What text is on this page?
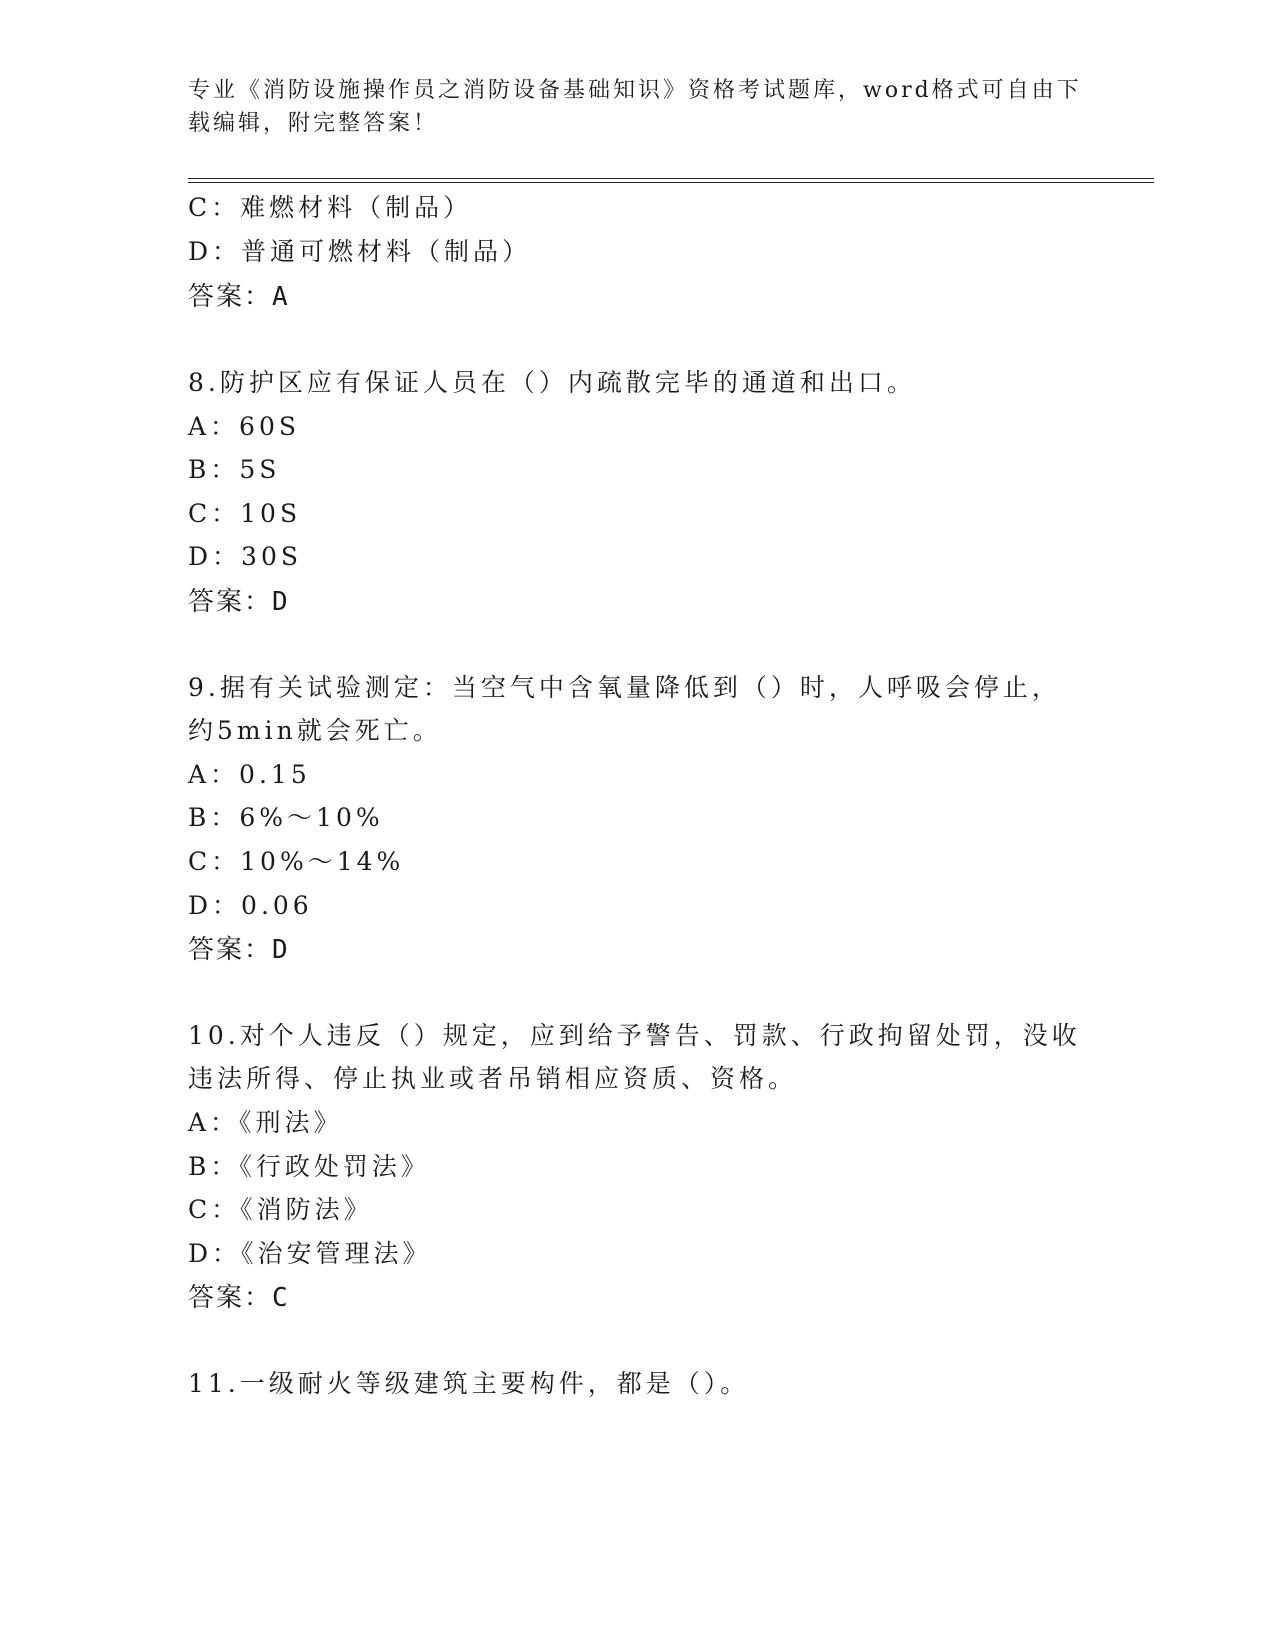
专业《消防设施操作员之消防设备基础知识》资格考试题库，word格式可自由下
载编辑，附完整答案！
C：难燃材料（制品）
D：普通可燃材料（制品）
答案：A
8.防护区应有保证人员在（）内疏散完毕的通道和出口。
A：60S
B：5S
C：10S
D：30S
答案：D
9.据有关试验测定：当空气中含氧量降低到（）时，人呼吸会停止，
约5min就会死亡。
A：0.15
B：6%～10%
C：10%～14%
D：0.06
答案：D
10.对个人违反（）规定，应到给予警告、罚款、行政拘留处罚，没收
违法所得、停止执业或者吊销相应资质、资格。
A：《刑法》
B：《行政处罚法》
C：《消防法》
D：《治安管理法》
答案：C
11.一级耐火等级建筑主要构件，都是（）。
